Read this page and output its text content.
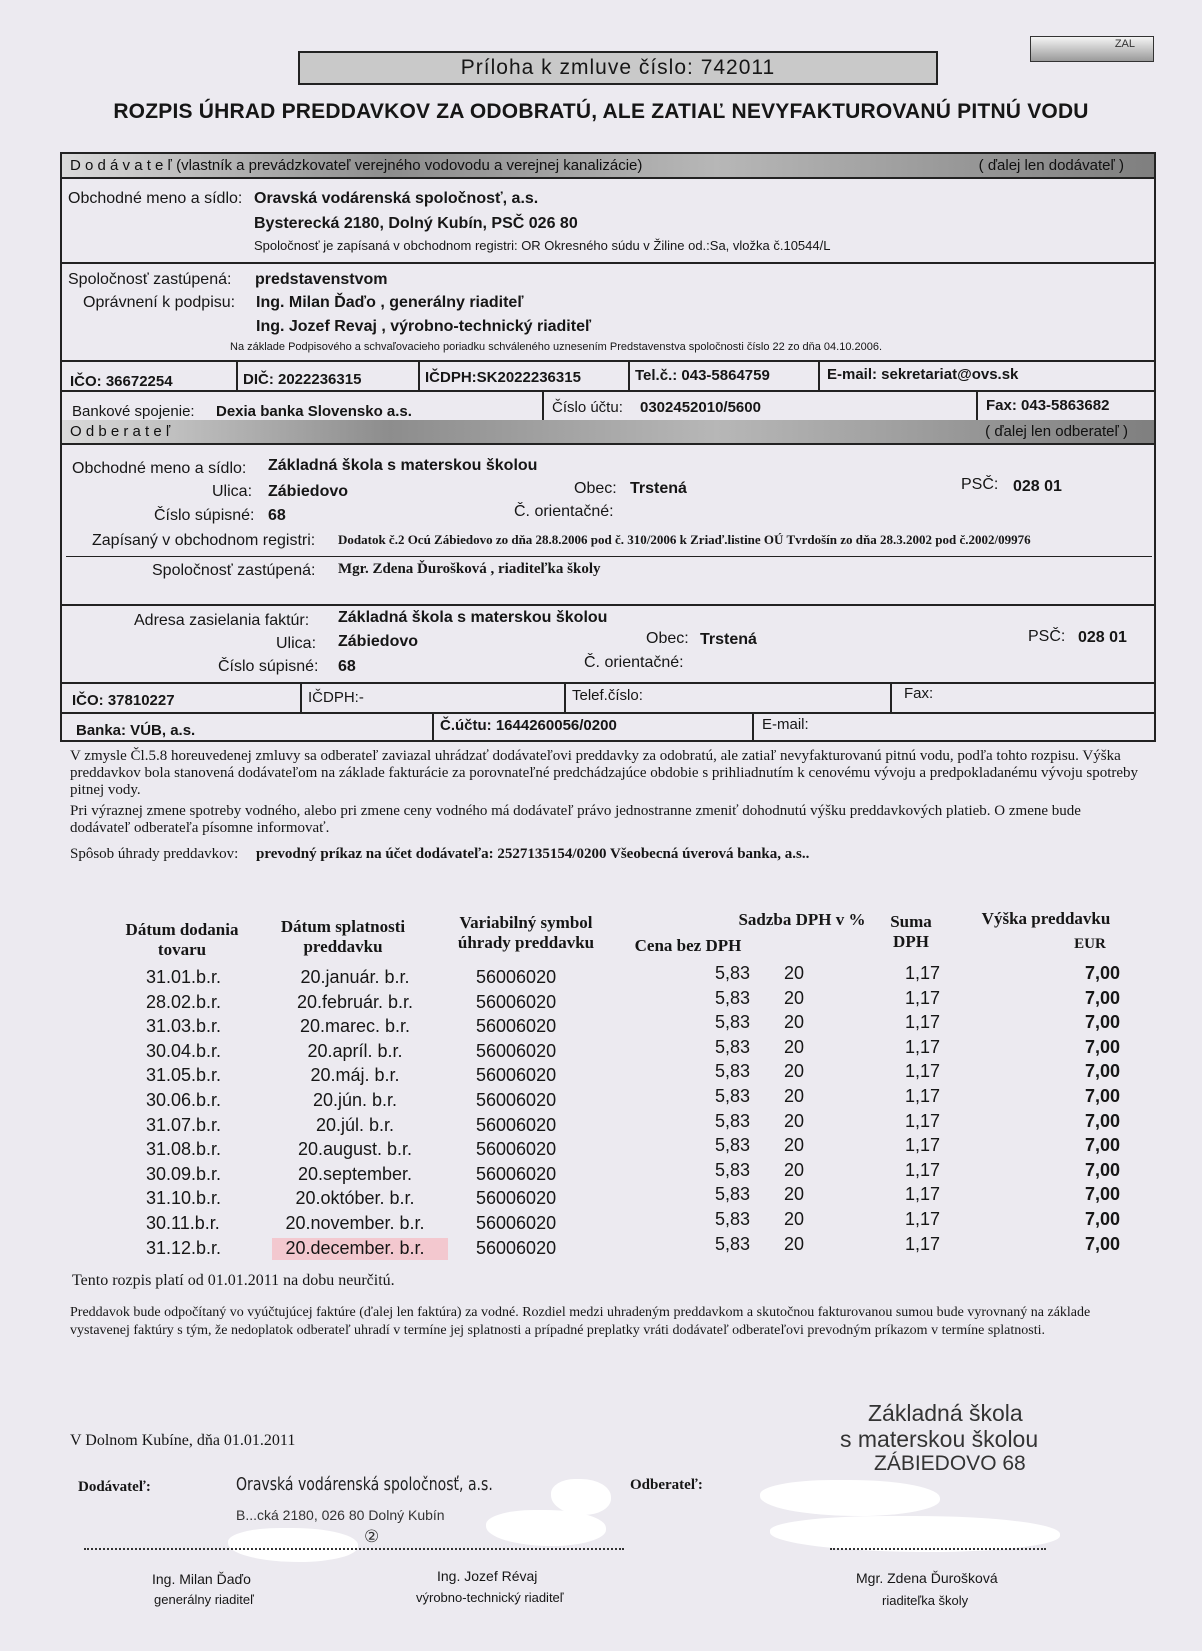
Príloha k zmluve číslo: 742011
ZAL
ROZPIS ÚHRAD PREDDAVKOV ZA ODOBRATÚ, ALE ZATIAĽ NEVYFAKTUROVANÚ PITNÚ VODU
D o d á v a t e ľ (vlastník a prevádzkovateľ verejného vodovodu a verejnej kanalizácie)	( ďalej len dodávateľ )
Obchodné meno a sídlo: Oravská vodárenská spoločnosť, a.s.
Bysterecká 2180, Dolný Kubín, PSČ 026 80
Spoločnosť je zapísaná v obchodnom registri: OR Okresného súdu v Žiline od.:Sa, vložka č.10544/L
Spoločnosť zastúpená: predstavenstvom
Oprávnení k podpisu: Ing. Milan Ďaďo , generálny riaditeľ
Ing. Jozef Revaj , výrobno-technický riaditeľ
Na základe Podpisového a schvaľovacieho poriadku schváleného uznesením Predstavenstva spoločnosti číslo 22 zo dňa 04.10.2006.
IČO: 36672254	DIČ: 2022236315	IČDPH:SK2022236315	Tel.č.: 043-5864759	E-mail: sekretariat@ovs.sk
Bankové spojenie: Dexia banka Slovensko a.s.	Číslo účtu: 0302452010/5600	Fax: 043-5863682
O d b e r a t e ľ	( ďalej len odberateľ )
Obchodné meno a sídlo: Základná škola s materskou školou
Ulica: Zábiedovo	Obec: Trstená	PSČ: 028 01
Číslo súpisné: 68	Č. orientačné:
Zapísaný v obchodnom registri: Dodatok č.2 Ocú Zábiedovo zo dňa 28.8.2006 pod č. 310/2006 k Zriaď.listine OÚ Tvrdošín zo dňa 28.3.2002 pod č.2002/09976
Spoločnosť zastúpená: Mgr. Zdena Ďurošková , riaditeľka školy
Adresa zasielania faktúr: Základná škola s materskou školou
Ulica: Zábiedovo	Obec: Trstená	PSČ: 028 01
Číslo súpisné: 68	Č. orientačné:
IČO: 37810227	IČDPH:-	Telef.číslo:	Fax:
Banka: VÚB, a.s.	Č.účtu: 1644260056/0200	E-mail:
V zmysle Čl.5.8 horeuvedenej zmluvy sa odberateľ zaviazal uhrádzať dodávateľovi preddavky za odobratú, ale zatiaľ nevyfakturovanú pitnú vodu, podľa tohto rozpisu. Výška preddavkov bola stanovená dodávateľom na základe fakturácie za porovnateľné predchádzajúce obdobie s prihliadnutím k cenovému vývoju a predpokladanému vývoju spotreby pitnej vody.
Pri výraznej zmene spotreby vodného, alebo pri zmene ceny vodného má dodávateľ právo jednostranne zmeniť dohodnutú výšku preddavkových platieb. O zmene bude dodávateľ odberateľa písomne informovať.
Spôsob úhrady preddavkov: prevodný príkaz na účet dodávateľa: 2527135154/0200 Všeobecná úverová banka, a.s..
Dátum dodania tovaru
Dátum splatnosti preddavku
Variabilný symbol úhrady preddavku	Cena bez DPH
Sadzba DPH v %	Suma DPH
Výška preddavku
EUR
31.01.b.r.	20.január. b.r.	56006020	5,83 20	1,17	7,00
28.02.b.r.	20.február. b.r.	56006020	5,83 20	1,17	7,00
31.03.b.r.	20.marec. b.r.	56006020	5,83 20	1,17	7,00
30.04.b.r.	20.apríl. b.r.	56006020	5,83 20	1,17	7,00
31.05.b.r.	20.máj. b.r.	56006020	5,83 20	1,17	7,00
30.06.b.r.	20.jún. b.r.	56006020	5,83 20	1,17	7,00
31.07.b.r.	20.júl. b.r.	56006020	5,83 20	1,17	7,00
31.08.b.r.	20.august. b.r.	56006020	5,83 20	1,17	7,00
30.09.b.r.	20.september.	56006020	5,83 20	1,17	7,00
31.10.b.r.	20.október. b.r.	56006020	5,83 20	1,17	7,00
30.11.b.r.	20.november. b.r.	56006020	5,83 20	1,17	7,00
31.12.b.r.	20.december. b.r.	56006020	5,83 20	1,17	7,00
Tento rozpis platí od 01.01.2011 na dobu neurčitú.
Preddavok bude odpočítaný vo vyúčtujúcej faktúre (ďalej len faktúra) za vodné. Rozdiel medzi uhradeným preddavkom a skutočnou fakturovanou sumou bude vyrovnaný na základe vystavenej faktúry s tým, že nedoplatok odberateľ uhradí v termíne jej splatnosti a prípadné preplatky vráti dodávateľ odberateľovi prevodným príkazom v termíne splatnosti.
V Dolnom Kubíne, dňa 01.01.2011
Dodávateľ:	Odberateľ:
Oravská vodárenská spoločnosť, a.s.
B...cká 2180, 026 80 Dolný Kubín
②
Základná škola
s materskou školou
ZÁBIEDOVO 68
Ing. Milan Ďaďo
generálny riaditeľ
Ing. Jozef Révaj
výrobno-technický riaditeľ
Mgr. Zdena Ďurošková
riaditeľka školy
